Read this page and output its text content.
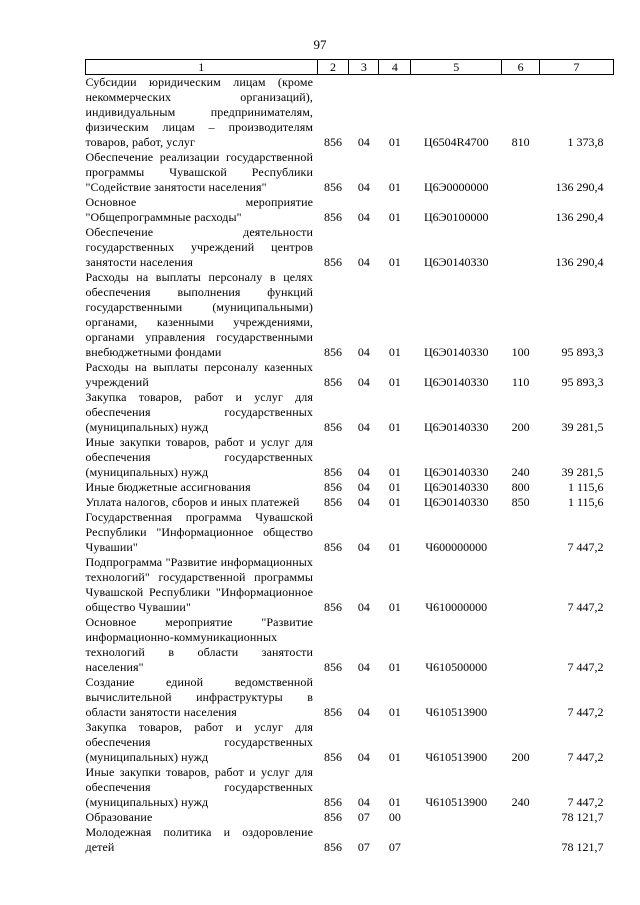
97
1	2	3	4	5	6	7
Субсидии юридическим лицам (кроме некоммерческих организаций), индивидуальным предпринимателям, физическим лицам – производителям товаров, работ, услуг	856	04	01	Ц6504R4700	810	1 373,8
Обеспечение реализации государственной программы Чувашской Республики "Содействие занятости населения"	856	04	01	Ц6Э0000000		136 290,4
Основное мероприятие "Общепрограммные расходы"	856	04	01	Ц6Э0100000		136 290,4
Обеспечение деятельности государственных учреждений центров занятости населения	856	04	01	Ц6Э0140330		136 290,4
Расходы на выплаты персоналу в целях обеспечения выполнения функций государственными (муниципальными) органами, казенными учреждениями, органами управления государственными внебюджетными фондами	856	04	01	Ц6Э0140330	100	95 893,3
Расходы на выплаты персоналу казенных учреждений	856	04	01	Ц6Э0140330	110	95 893,3
Закупка товаров, работ и услуг для обеспечения государственных (муниципальных) нужд	856	04	01	Ц6Э0140330	200	39 281,5
Иные закупки товаров, работ и услуг для обеспечения государственных (муниципальных) нужд	856	04	01	Ц6Э0140330	240	39 281,5
Иные бюджетные ассигнования	856	04	01	Ц6Э0140330	800	1 115,6
Уплата налогов, сборов и иных платежей	856	04	01	Ц6Э0140330	850	1 115,6
Государственная программа Чувашской Республики "Информационное общество Чувашии"	856	04	01	Ч600000000		7 447,2
Подпрограмма "Развитие информационных технологий" государственной программы Чувашской Республики "Информационное общество Чувашии"	856	04	01	Ч610000000		7 447,2
Основное мероприятие "Развитие информационно-коммуникационных технологий в области занятости населения"	856	04	01	Ч610500000		7 447,2
Создание единой ведомственной вычислительной инфраструктуры в области занятости населения	856	04	01	Ч610513900		7 447,2
Закупка товаров, работ и услуг для обеспечения государственных (муниципальных) нужд	856	04	01	Ч610513900	200	7 447,2
Иные закупки товаров, работ и услуг для обеспечения государственных (муниципальных) нужд	856	04	01	Ч610513900	240	7 447,2
Образование	856	07	00			78 121,7
Молодежная политика и оздоровление детей	856	07	07			78 121,7
